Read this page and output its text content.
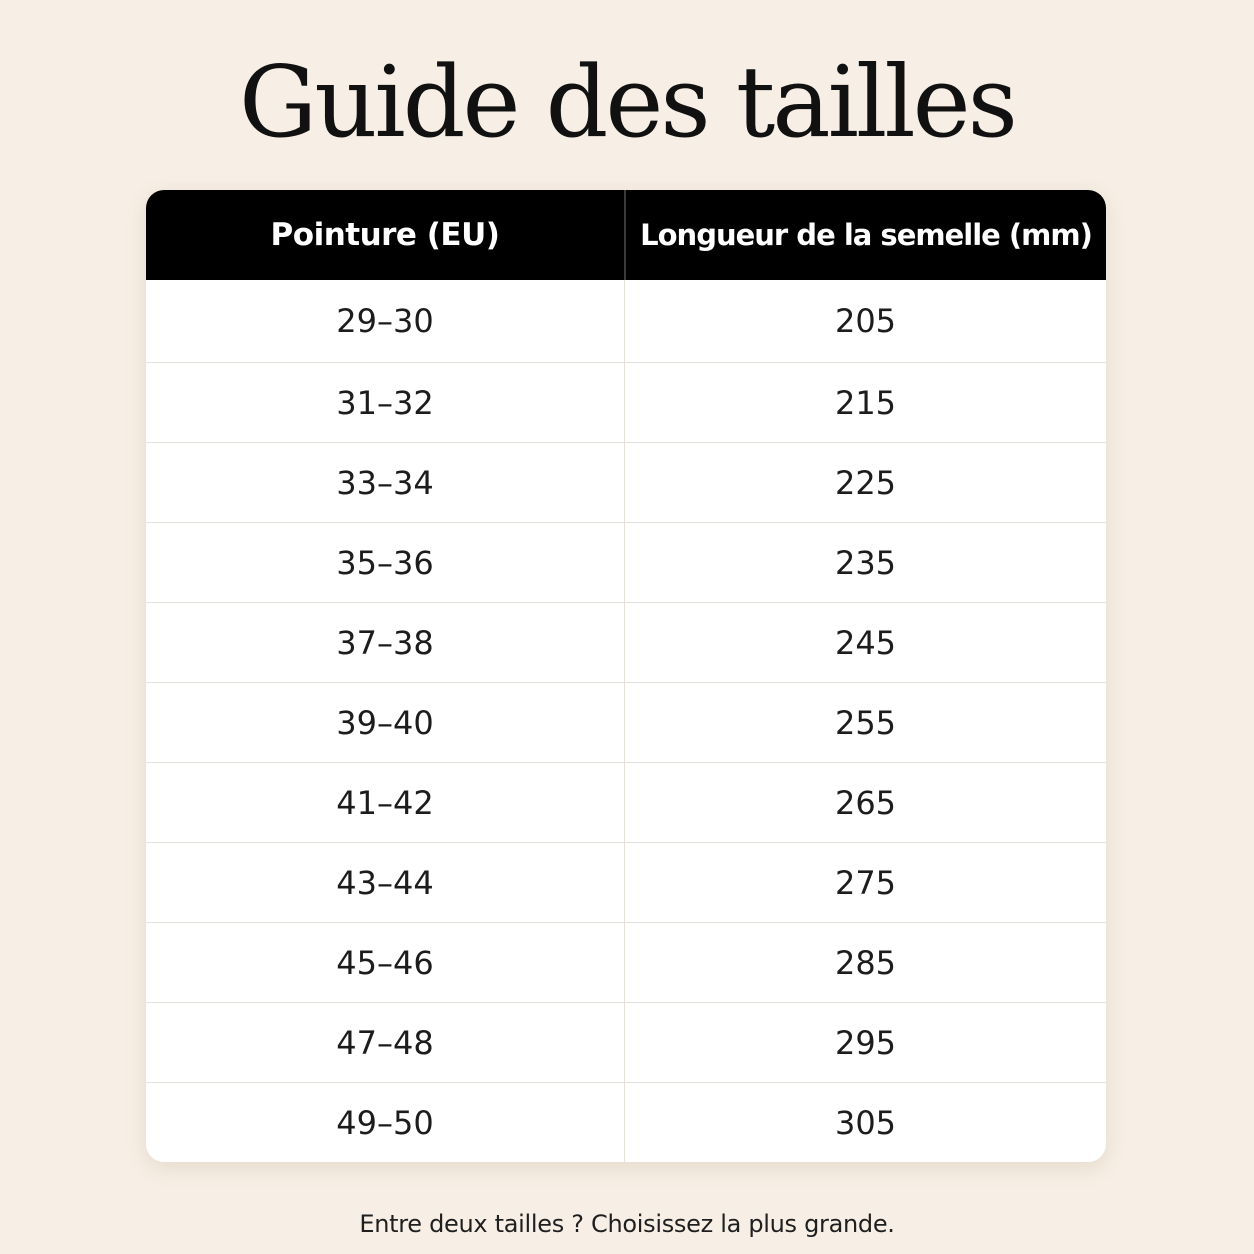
Guide des tailles
Pointure (EU)	Longueur de la semelle (mm)
29–30	205
31–32	215
33–34	225
35–36	235
37–38	245
39–40	255
41–42	265
43–44	275
45–46	285
47–48	295
49–50	305

Entre deux tailles ? Choisissez la plus grande.
